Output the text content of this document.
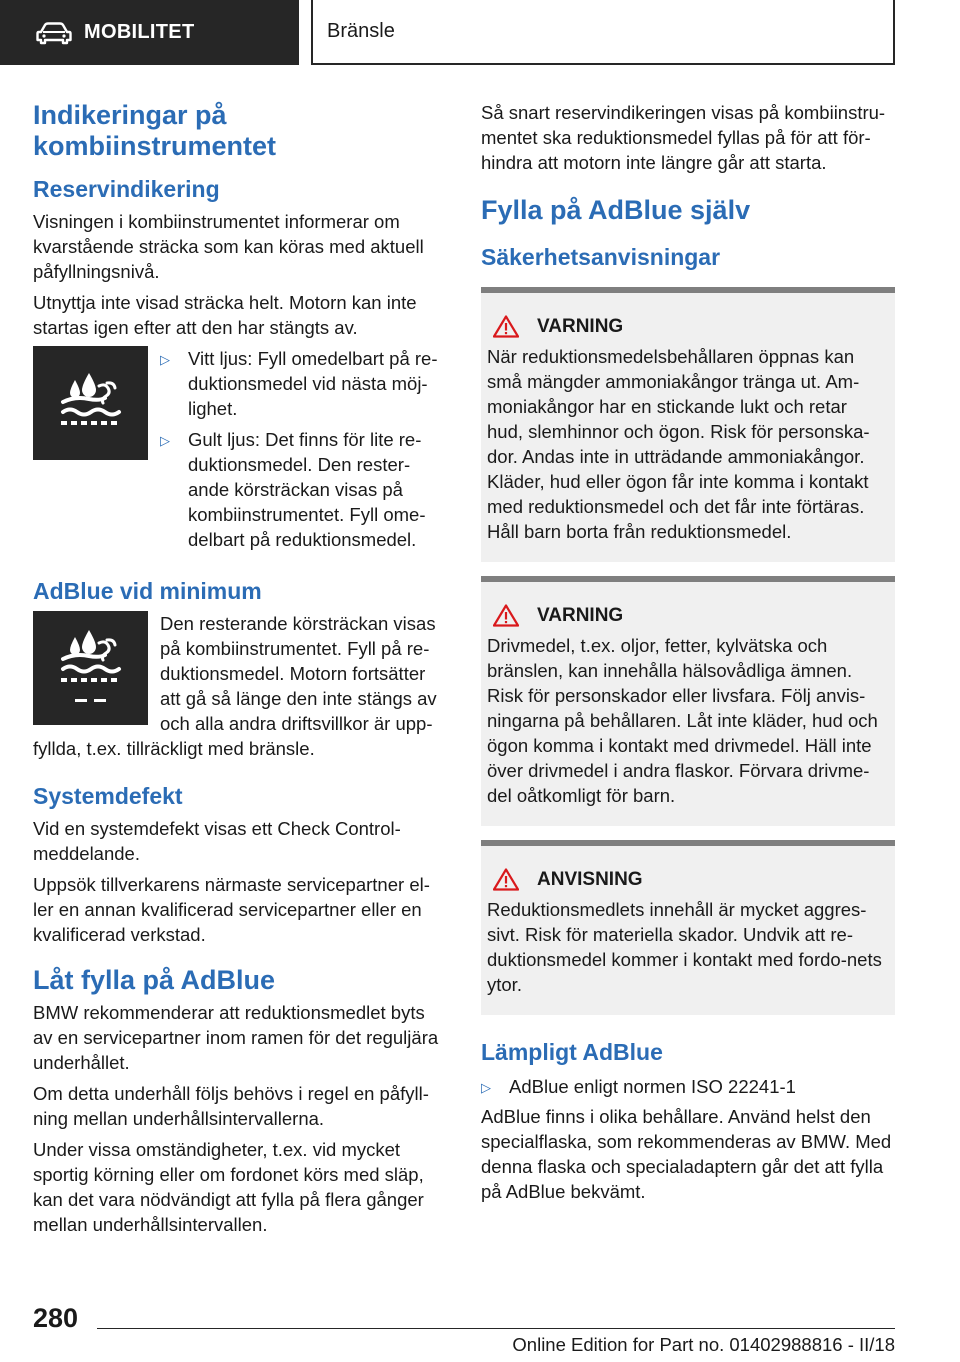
MOBILITET	Bränsle
Indikeringar på kombiinstrumentet
Reservindikering

Visningen i kombiinstrumentet informerar om kvarstående sträcka som kan köras med aktuell påfyllningsnivå.

Utnyttja inte visad sträcka helt. Motorn kan inte startas igen efter att den har stängts av.

▷ Vitt ljus: Fyll omedelbart på re-duktionsmedel vid nästa möj-lighet.
▷ Gult ljus: Det finns för lite re-duktionsmedel. Den rester-ande körsträckan visas på kombiinstrumentet. Fyll ome-delbart på reduktionsmedel.
AdBlue vid minimum

Den resterande körsträckan visas på kombiinstrumentet. Fyll på re-duktionsmedel. Motorn fortsätter att gå så länge den inte stängs av och alla andra driftsvillkor är upp-fyllda, t.ex. tillräckligt med bränsle.

Systemdefekt

Vid en systemdefekt visas ett Check Control-meddelande.

Uppsök tillverkarens närmaste servicepartner el-ler en annan kvalificerad servicepartner eller en kvalificerad verkstad.

Låt fylla på AdBlue

BMW rekommenderar att reduktionsmedlet byts av en servicepartner inom ramen för det reguljära underhållet.

Om detta underhåll följs behövs i regel en påfyll-ning mellan underhållsintervallerna.

Under vissa omständigheter, t.ex. vid mycket sportig körning eller om fordonet körs med släp, kan det vara nödvändigt att fylla på flera gånger mellan underhållsintervallen.

Så snart reservindikeringen visas på kombiinstru-mentet ska reduktionsmedel fyllas på för att för-hindra att motorn inte längre går att starta.

Fylla på AdBlue själv
Säkerhetsanvisningar
VARNING

När reduktionsmedelsbehållaren öppnas kan små mängder ammoniakångor tränga ut. Am-moniakångor har en stickande lukt och retar hud, slemhinnor och ögon. Risk för personska-dor. Andas inte in utträdande ammoniakångor. Kläder, hud eller ögon får inte komma i kontakt med reduktionsmedel och det får inte förtäras. Håll barn borta från reduktionsmedel.

VARNING

Drivmedel, t.ex. oljor, fetter, kylvätska och bränslen, kan innehålla hälsovådliga ämnen. Risk för personskador eller livsfara. Följ anvis-ningarna på behållaren. Låt inte kläder, hud och ögon komma i kontakt med drivmedel. Häll inte över drivmedel i andra flaskor. Förvara drivme-del oåtkomligt för barn.

ANVISNING

Reduktionsmedlets innehåll är mycket aggres-sivt. Risk för materiella skador. Undvik att re-duktionsmedel kommer i kontakt med fordo-nets ytor.

Lämpligt AdBlue
▷ AdBlue enligt normen ISO 22241-1

AdBlue finns i olika behållare. Använd helst den specialflaska, som rekommenderas av BMW. Med denna flaska och specialadaptern går det att fylla på AdBlue bekvämt.

280
Online Edition for Part no. 01402988816 - II/18
